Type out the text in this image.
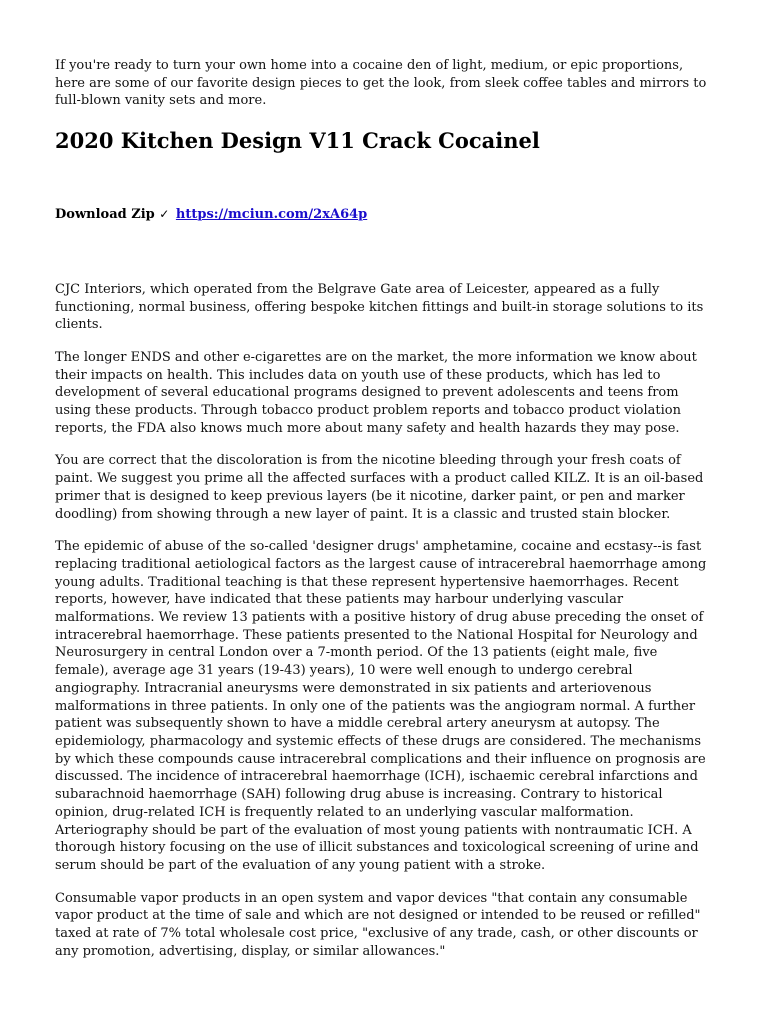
If you're ready to turn your own home into a cocaine den of light, medium, or epic proportions, here are some of our favorite design pieces to get the look, from sleek coffee tables and mirrors to full-blown vanity sets and more.

2020 Kitchen Design V11 Crack Cocainel
Download Zip ✓ https://mciun.com/2xA64p

CJC Interiors, which operated from the Belgrave Gate area of Leicester, appeared as a fully functioning, normal business, offering bespoke kitchen fittings and built-in storage solutions to its clients.

The longer ENDS and other e-cigarettes are on the market, the more information we know about their impacts on health. This includes data on youth use of these products, which has led to development of several educational programs designed to prevent adolescents and teens from using these products. Through tobacco product problem reports and tobacco product violation reports, the FDA also knows much more about many safety and health hazards they may pose.

You are correct that the discoloration is from the nicotine bleeding through your fresh coats of paint. We suggest you prime all the affected surfaces with a product called KILZ. It is an oil-based primer that is designed to keep previous layers (be it nicotine, darker paint, or pen and marker doodling) from showing through a new layer of paint. It is a classic and trusted stain blocker.

The epidemic of abuse of the so-called 'designer drugs' amphetamine, cocaine and ecstasy--is fast replacing traditional aetiological factors as the largest cause of intracerebral haemorrhage among young adults. Traditional teaching is that these represent hypertensive haemorrhages. Recent reports, however, have indicated that these patients may harbour underlying vascular malformations. We review 13 patients with a positive history of drug abuse preceding the onset of intracerebral haemorrhage. These patients presented to the National Hospital for Neurology and Neurosurgery in central London over a 7-month period. Of the 13 patients (eight male, five female), average age 31 years (19-43) years), 10 were well enough to undergo cerebral angiography. Intracranial aneurysms were demonstrated in six patients and arteriovenous malformations in three patients. In only one of the patients was the angiogram normal. A further patient was subsequently shown to have a middle cerebral artery aneurysm at autopsy. The epidemiology, pharmacology and systemic effects of these drugs are considered. The mechanisms by which these compounds cause intracerebral complications and their influence on prognosis are discussed. The incidence of intracerebral haemorrhage (ICH), ischaemic cerebral infarctions and subarachnoid haemorrhage (SAH) following drug abuse is increasing. Contrary to historical opinion, drug-related ICH is frequently related to an underlying vascular malformation. Arteriography should be part of the evaluation of most young patients with nontraumatic ICH. A thorough history focusing on the use of illicit substances and toxicological screening of urine and serum should be part of the evaluation of any young patient with a stroke.

Consumable vapor products in an open system and vapor devices "that contain any consumable vapor product at the time of sale and which are not designed or intended to be reused or refilled" taxed at rate of 7% total wholesale cost price, "exclusive of any trade, cash, or other discounts or any promotion, advertising, display, or similar allowances."
